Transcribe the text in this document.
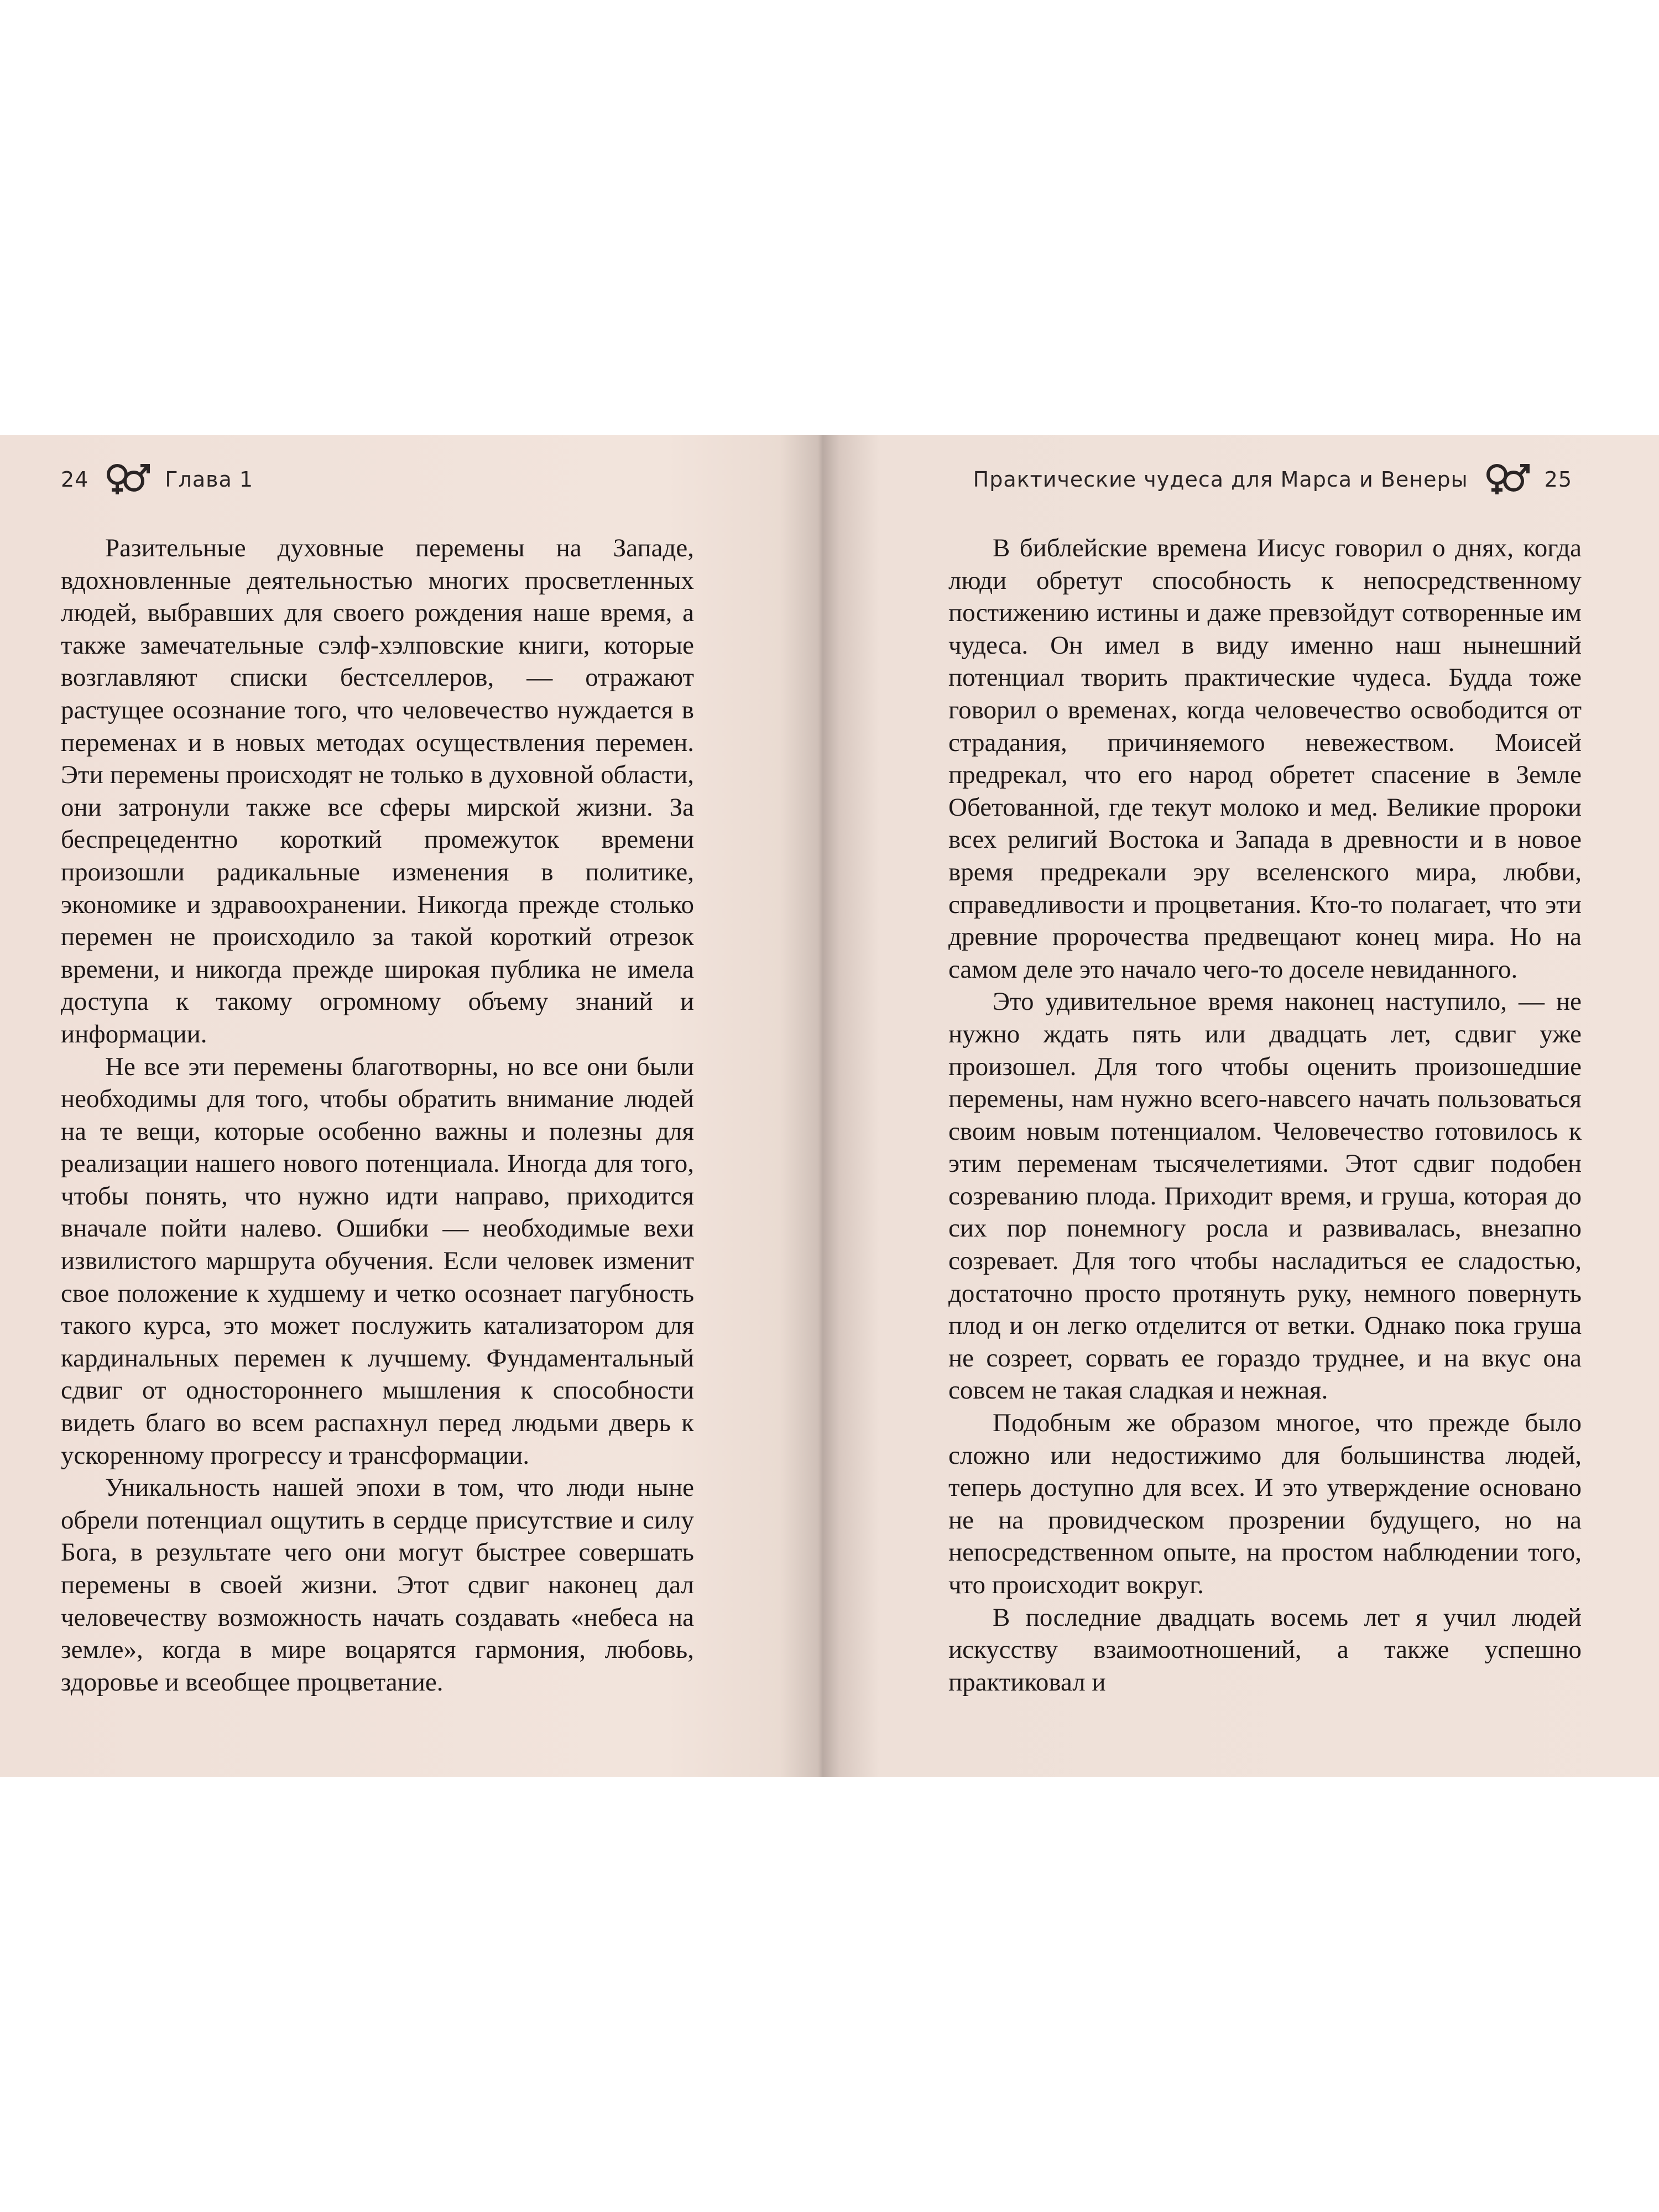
24	Глава 1

Разительные духовные перемены на Западе, вдохновленные деятельностью многих просветленных людей, выбравших для своего рождения наше время, а также замечательные сэлф-хэлповские книги, которые возглавляют списки бестселлеров, — отражают растущее осознание того, что человечество нуждается в переменах и в новых методах осуществления перемен. Эти перемены происходят не только в духовной области, они затронули также все сферы мирской жизни. За беспрецедентно короткий промежуток времени произошли радикальные изменения в политике, экономике и здравоохранении. Никогда прежде столько перемен не происходило за такой короткий отрезок времени, и никогда прежде широкая публика не имела доступа к такому огромному объему знаний и информации.

Не все эти перемены благотворны, но все они были необходимы для того, чтобы обратить внимание людей на те вещи, которые особенно важны и полезны для реализации нашего нового потенциала. Иногда для того, чтобы понять, что нужно идти направо, приходится вначале пойти налево. Ошибки — необходимые вехи извилистого маршрута обучения. Если человек изменит свое положение к худшему и четко осознает пагубность такого курса, это может послужить катализатором для кардинальных перемен к лучшему. Фундаментальный сдвиг от одностороннего мышления к способности видеть благо во всем распахнул перед людьми дверь к ускоренному прогрессу и трансформации.

Уникальность нашей эпохи в том, что люди ныне обрели потенциал ощутить в сердце присутствие и силу Бога, в результате чего они могут быстрее совершать перемены в своей жизни. Этот сдвиг наконец дал человечеству возможность начать создавать «небеса на земле», когда в мире воцарятся гармония, любовь, здоровье и всеобщее процветание.

Практические чудеса для Марса и Венеры	25

В библейские времена Иисус говорил о днях, когда люди обретут способность к непосредственному постижению истины и даже превзойдут сотворенные им чудеса. Он имел в виду именно наш нынешний потенциал творить практические чудеса. Будда тоже говорил о временах, когда человечество освободится от страдания, причиняемого невежеством. Моисей предрекал, что его народ обретет спасение в Земле Обетованной, где текут молоко и мед. Великие пророки всех религий Востока и Запада в древности и в новое время предрекали эру вселенского мира, любви, справедливости и процветания. Кто-то полагает, что эти древние пророчества предвещают конец мира. Но на самом деле это начало чего-то доселе невиданного.

Это удивительное время наконец наступило, — не нужно ждать пять или двадцать лет, сдвиг уже произошел. Для того чтобы оценить произошедшие перемены, нам нужно всего-навсего начать пользоваться своим новым потенциалом. Человечество готовилось к этим переменам тысячелетиями. Этот сдвиг подобен созреванию плода. Приходит время, и груша, которая до сих пор понемногу росла и развивалась, внезапно созревает. Для того чтобы насладиться ее сладостью, достаточно просто протянуть руку, немного повернуть плод и он легко отделится от ветки. Однако пока груша не созреет, сорвать ее гораздо труднее, и на вкус она совсем не такая сладкая и нежная.

Подобным же образом многое, что прежде было сложно или недостижимо для большинства людей, теперь доступно для всех. И это утверждение основано не на провидческом прозрении будущего, но на непосредственном опыте, на простом наблюдении того, что происходит вокруг.

В последние двадцать восемь лет я учил людей искусству взаимоотношений, а также успешно практиковал и
